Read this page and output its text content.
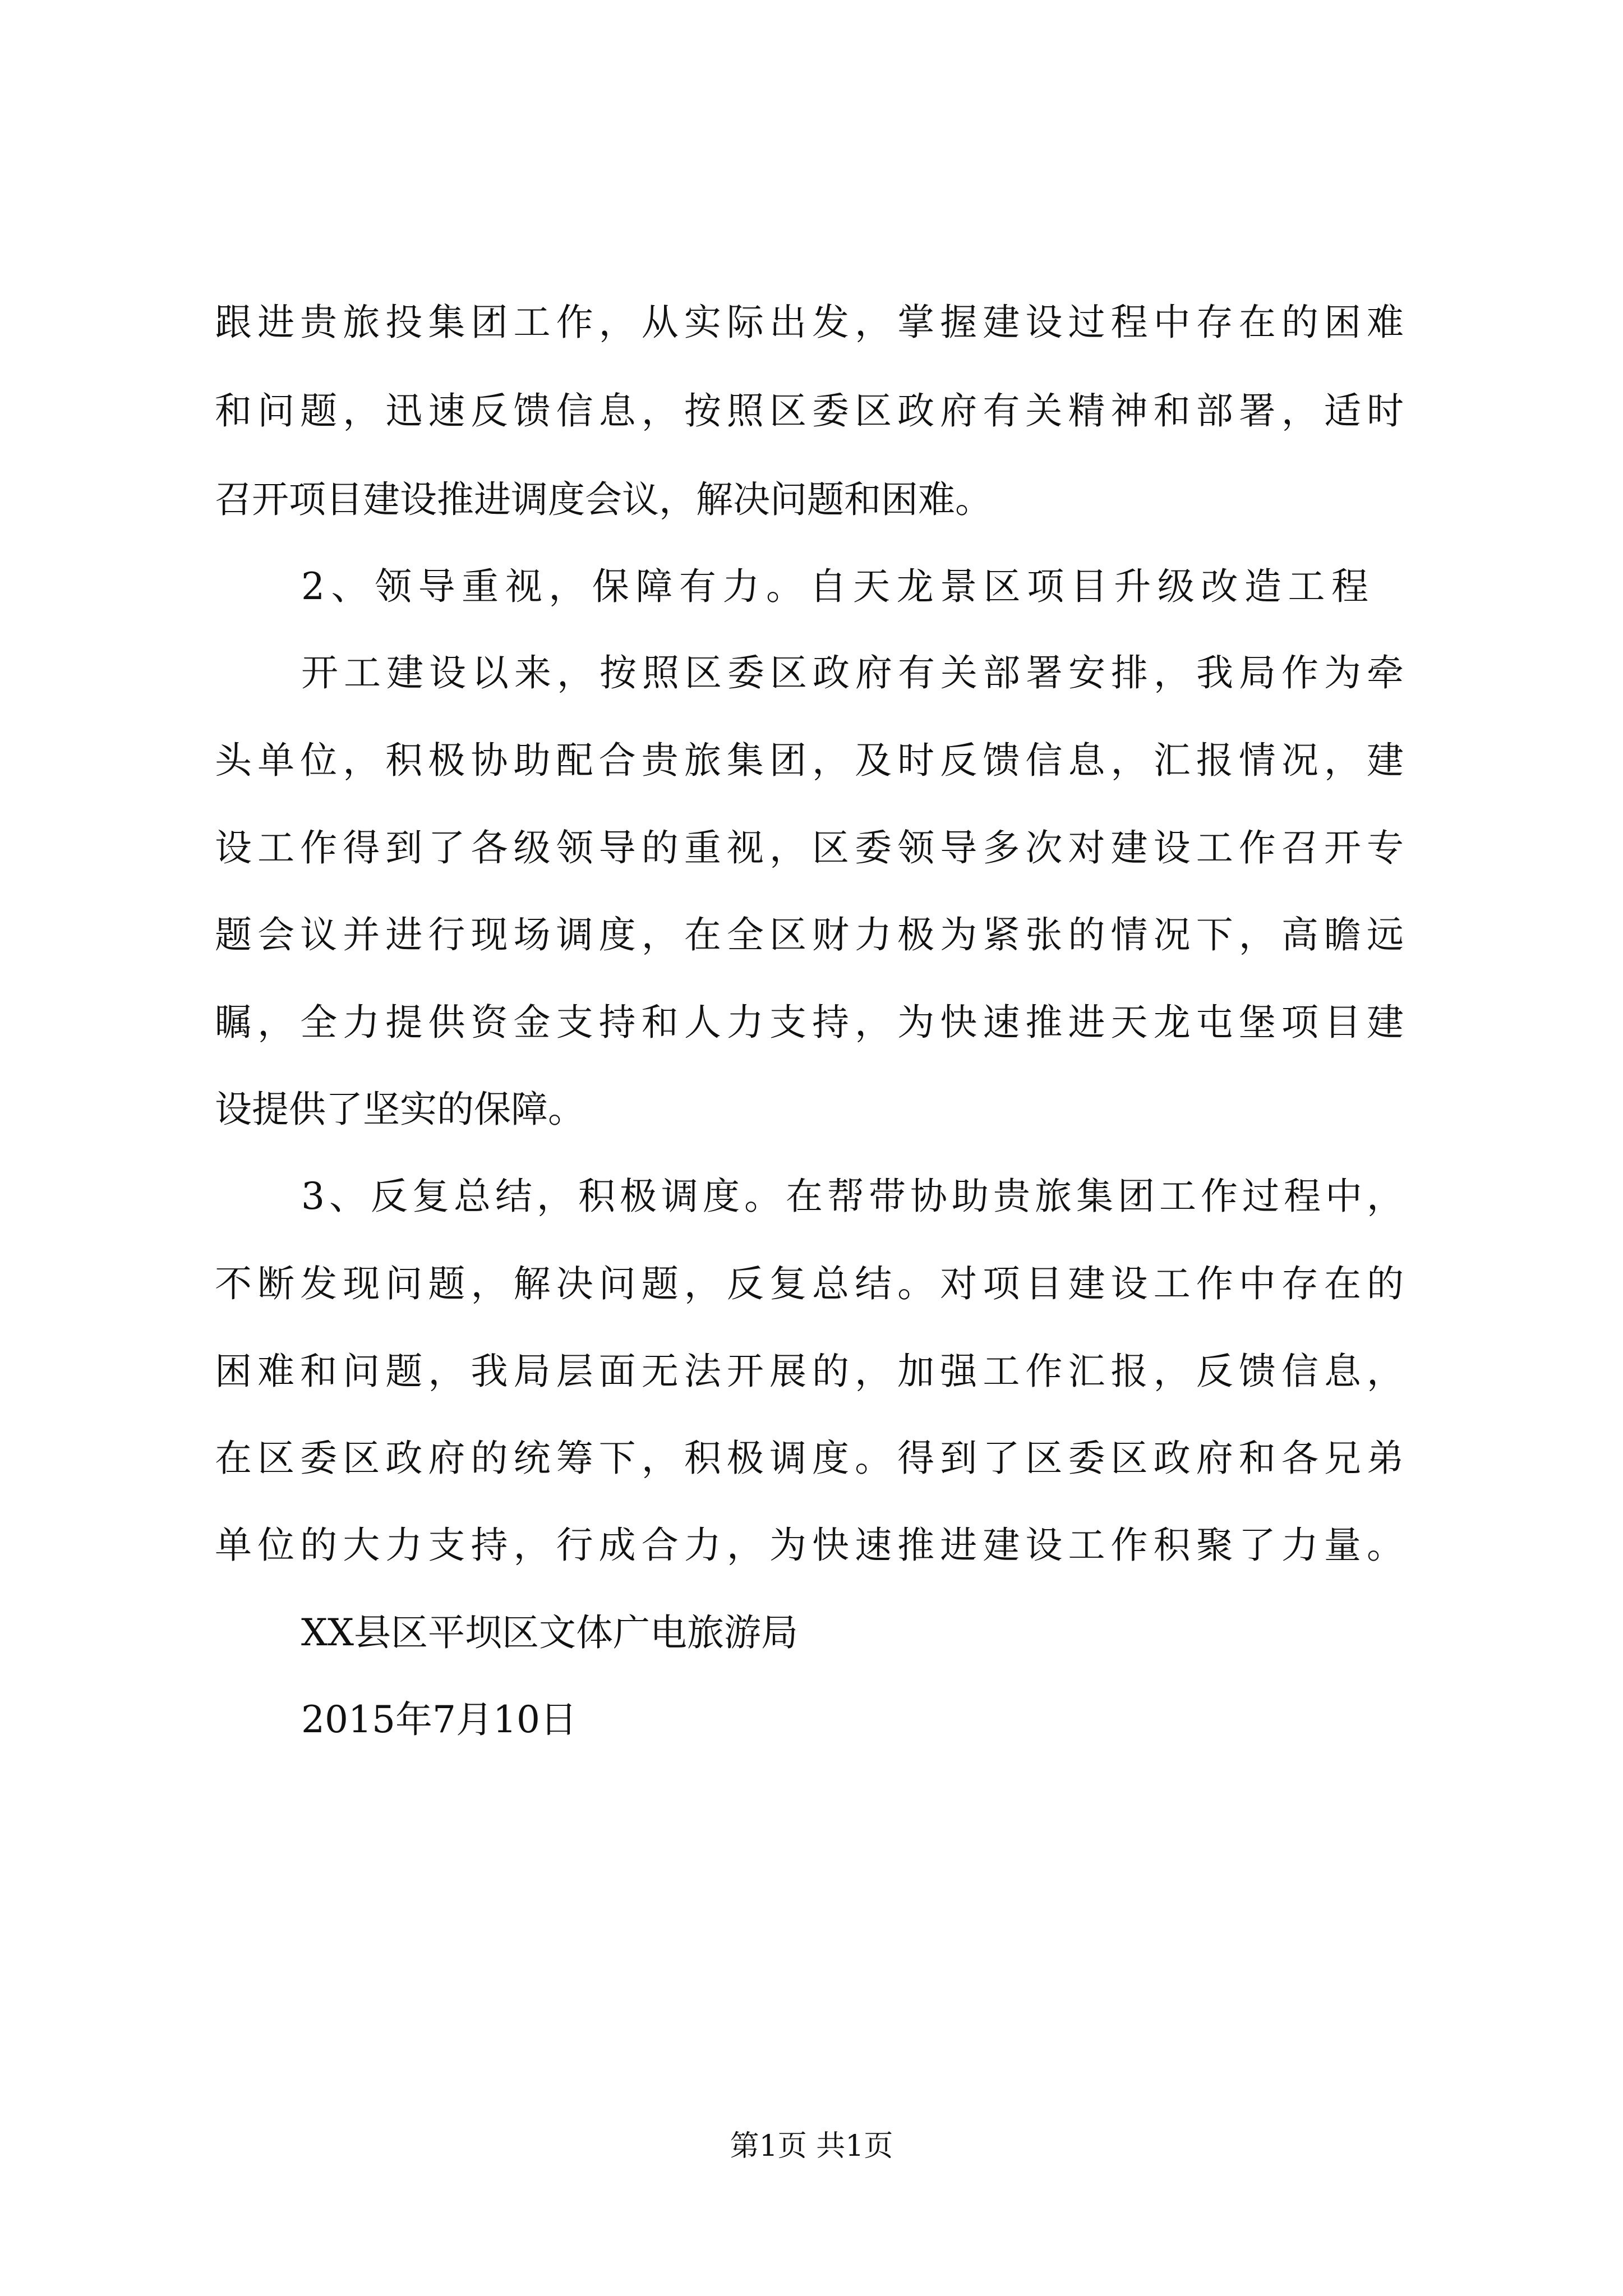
跟进贵旅投集团工作，从实际出发，掌握建设过程中存在的困难
和问题，迅速反馈信息，按照区委区政府有关精神和部署，适时
召开项目建设推进调度会议，解决问题和困难。
2、领导重视，保障有力。自天龙景区项目升级改造工程
开工建设以来，按照区委区政府有关部署安排，我局作为牵
头单位，积极协助配合贵旅集团，及时反馈信息，汇报情况，建
设工作得到了各级领导的重视，区委领导多次对建设工作召开专
题会议并进行现场调度，在全区财力极为紧张的情况下，高瞻远
瞩，全力提供资金支持和人力支持，为快速推进天龙屯堡项目建
设提供了坚实的保障。
3、反复总结，积极调度。在帮带协助贵旅集团工作过程中，
不断发现问题，解决问题，反复总结。对项目建设工作中存在的
困难和问题，我局层面无法开展的，加强工作汇报，反馈信息，
在区委区政府的统筹下，积极调度。得到了区委区政府和各兄弟
单位的大力支持，行成合力，为快速推进建设工作积聚了力量。
XX县区平坝区文体广电旅游局
2015年7月10日
第1页 共1页
